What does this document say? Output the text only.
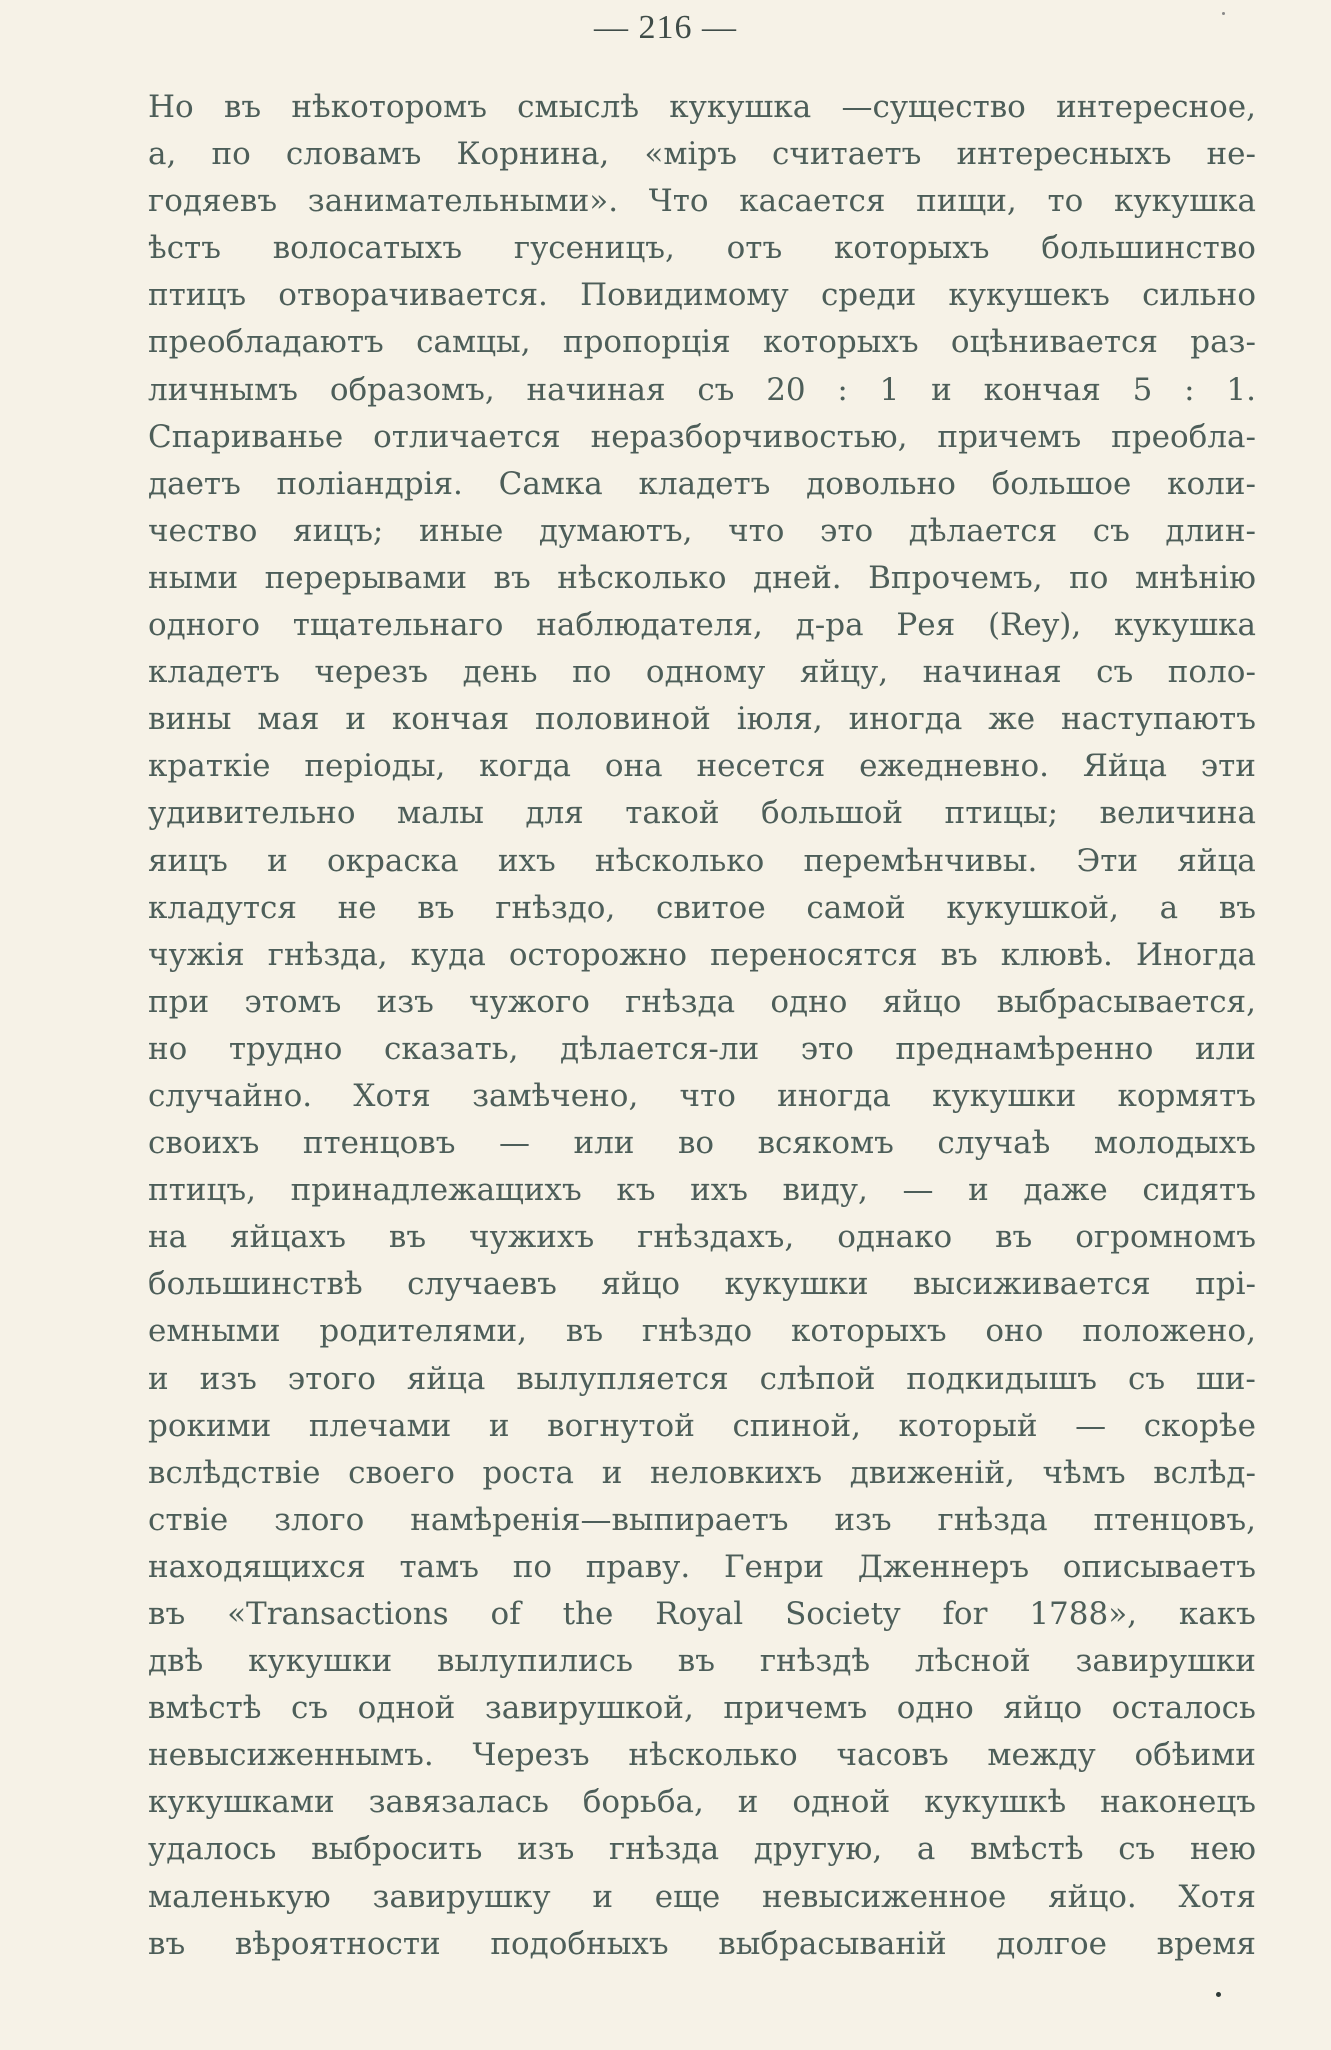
— 216 —
Но въ нѣкоторомъ смыслѣ кукушка —существо интересное,
а, по словамъ Корнина, «міръ считаетъ интересныхъ не-
годяевъ занимательными». Что касается пищи, то кукушка
ѣстъ волосатыхъ гусеницъ, отъ которыхъ большинство
птицъ отворачивается. Повидимому среди кукушекъ сильно
преобладаютъ самцы, пропорція которыхъ оцѣнивается раз-
личнымъ образомъ, начиная съ 20 : 1 и кончая 5 : 1.
Спариванье отличается неразборчивостью, причемъ преобла-
даетъ поліандрія. Самка кладетъ довольно большое коли-
чество яицъ; иные думаютъ, что это дѣлается съ длин-
ными перерывами въ нѣсколько дней. Впрочемъ, по мнѣнію
одного тщательнаго наблюдателя, д-ра Рея (Rey), кукушка
кладетъ черезъ день по одному яйцу, начиная съ поло-
вины мая и кончая половиной іюля, иногда же наступаютъ
краткіе періоды, когда она несется ежедневно. Яйца эти
удивительно малы для такой большой птицы; величина
яицъ и окраска ихъ нѣсколько перемѣнчивы. Эти яйца
кладутся не въ гнѣздо, свитое самой кукушкой, а въ
чужія гнѣзда, куда осторожно переносятся въ клювѣ. Иногда
при этомъ изъ чужого гнѣзда одно яйцо выбрасывается,
но трудно сказать, дѣлается-ли это преднамѣренно или
случайно. Хотя замѣчено, что иногда кукушки кормятъ
своихъ птенцовъ — или во всякомъ случаѣ молодыхъ
птицъ, принадлежащихъ къ ихъ виду, — и даже сидятъ
на яйцахъ въ чужихъ гнѣздахъ, однако въ огромномъ
большинствѣ случаевъ яйцо кукушки высиживается прі-
емными родителями, въ гнѣздо которыхъ оно положено,
и изъ этого яйца вылупляется слѣпой подкидышъ съ ши-
рокими плечами и вогнутой спиной, который — скорѣе
вслѣдствіе своего роста и неловкихъ движеній, чѣмъ вслѣд-
ствіе злого намѣренія—выпираетъ изъ гнѣзда птенцовъ,
находящихся тамъ по праву. Генри Дженнеръ описываетъ
въ «Transactions of the Royal Society for 1788», какъ
двѣ кукушки вылупились въ гнѣздѣ лѣсной завирушки
вмѣстѣ съ одной завирушкой, причемъ одно яйцо осталось
невысиженнымъ. Черезъ нѣсколько часовъ между обѣими
кукушками завязалась борьба, и одной кукушкѣ наконецъ
удалось выбросить изъ гнѣзда другую, а вмѣстѣ съ нею
маленькую завирушку и еще невысиженное яйцо. Хотя
въ вѣроятности подобныхъ выбрасываній долгое время
